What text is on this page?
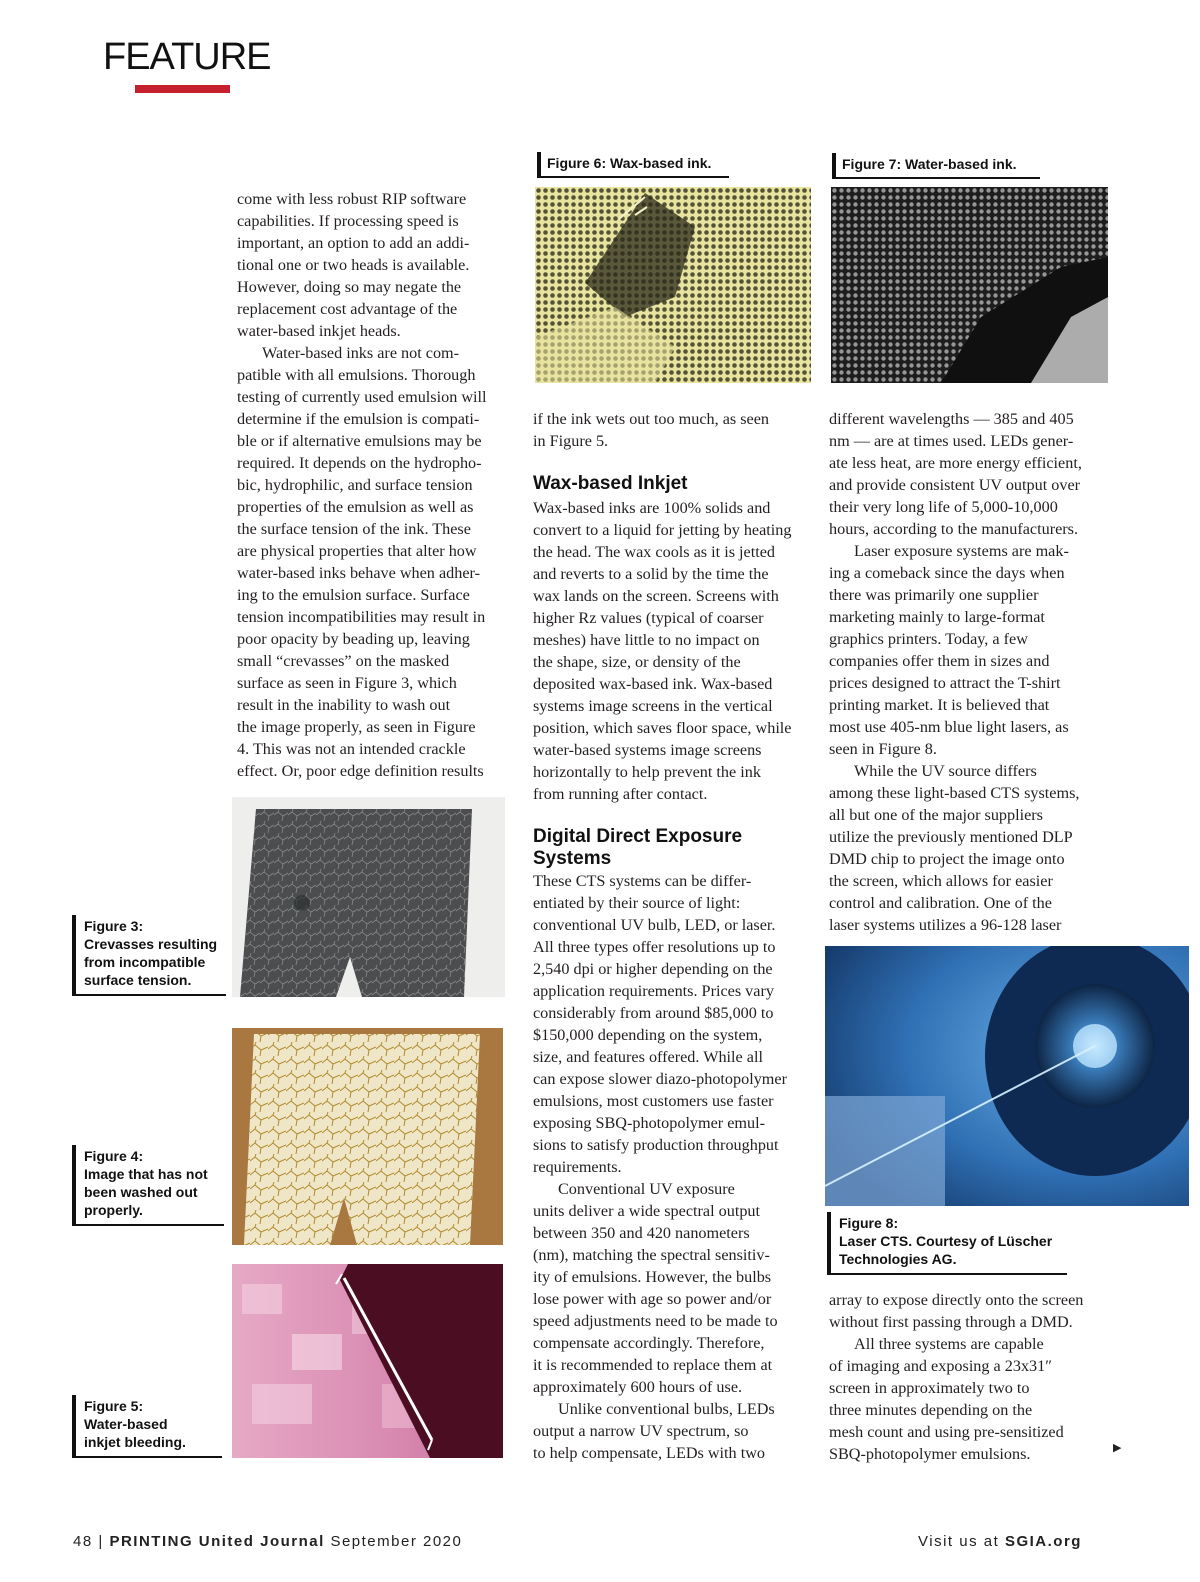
FEATURE
come with less robust RIP software
capabilities. If processing speed is
important, an option to add an addi-
tional one or two heads is available.
However, doing so may negate the
replacement cost advantage of the
water-based inkjet heads.
Water-based inks are not com-
patible with all emulsions. Thorough
testing of currently used emulsion will
determine if the emulsion is compati-
ble or if alternative emulsions may be
required. It depends on the hydropho-
bic, hydrophilic, and surface tension
properties of the emulsion as well as
the surface tension of the ink. These
are physical properties that alter how
water-based inks behave when adher-
ing to the emulsion surface. Surface
tension incompatibilities may result in
poor opacity by beading up, leaving
small “crevasses” on the masked
surface as seen in Figure 3, which
result in the inability to wash out
the image properly, as seen in Figure
4. This was not an intended crackle
effect. Or, poor edge definition results
Figure 3:
Crevasses resulting
from incompatible
surface tension.
Figure 4:
Image that has not
been washed out
properly.
Figure 5:
Water-based
inkjet bleeding.
Figure 6: Wax-based ink.	Figure 7: Water-based ink.
if the ink wets out too much, as seen
in Figure 5.
Wax-based Inkjet
Wax-based inks are 100% solids and
convert to a liquid for jetting by heating
the head. The wax cools as it is jetted
and reverts to a solid by the time the
wax lands on the screen. Screens with
higher Rz values (typical of coarser
meshes) have little to no impact on
the shape, size, or density of the
deposited wax-based ink. Wax-based
systems image screens in the vertical
position, which saves floor space, while
water-based systems image screens
horizontally to help prevent the ink
from running after contact.
Digital Direct Exposure
Systems
These CTS systems can be differ-
entiated by their source of light:
conventional UV bulb, LED, or laser.
All three types offer resolutions up to
2,540 dpi or higher depending on the
application requirements. Prices vary
considerably from around $85,000 to
$150,000 depending on the system,
size, and features offered. While all
can expose slower diazo-photopolymer
emulsions, most customers use faster
exposing SBQ-photopolymer emul-
sions to satisfy production throughput
requirements.
Conventional UV exposure
units deliver a wide spectral output
between 350 and 420 nanometers
(nm), matching the spectral sensitiv-
ity of emulsions. However, the bulbs
lose power with age so power and/or
speed adjustments need to be made to
compensate accordingly. Therefore,
it is recommended to replace them at
approximately 600 hours of use.
Unlike conventional bulbs, LEDs
output a narrow UV spectrum, so
to help compensate, LEDs with two
different wavelengths — 385 and 405
nm — are at times used. LEDs gener-
ate less heat, are more energy efficient,
and provide consistent UV output over
their very long life of 5,000-10,000
hours, according to the manufacturers.
Laser exposure systems are mak-
ing a comeback since the days when
there was primarily one supplier
marketing mainly to large-format
graphics printers. Today, a few
companies offer them in sizes and
prices designed to attract the T-shirt
printing market. It is believed that
most use 405-nm blue light lasers, as
seen in Figure 8.
While the UV source differs
among these light-based CTS systems,
all but one of the major suppliers
utilize the previously mentioned DLP
DMD chip to project the image onto
the screen, which allows for easier
control and calibration. One of the
laser systems utilizes a 96-128 laser
Figure 8:
Laser CTS. Courtesy of Lüscher
Technologies AG.
array to expose directly onto the screen
without first passing through a DMD.
All three systems are capable
of imaging and exposing a 23x31″
screen in approximately two to
three minutes depending on the
mesh count and using pre-sensitized
SBQ-photopolymer emulsions.	▶
48 | PRINTING United Journal September 2020	Visit us at SGIA.org
